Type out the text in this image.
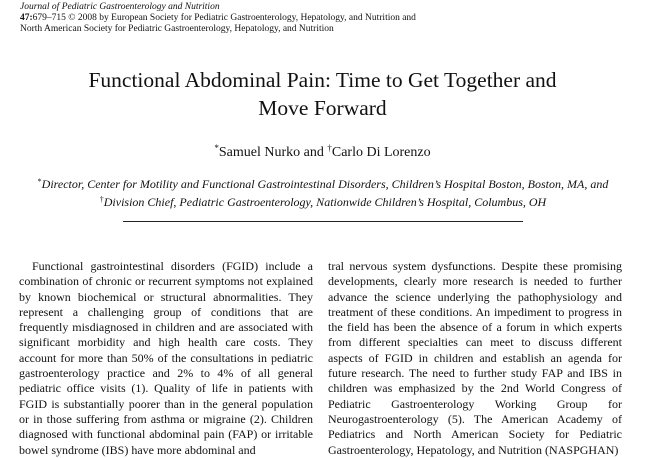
Journal of Pediatric Gastroenterology and Nutrition
47:679–715 © 2008 by European Society for Pediatric Gastroenterology, Hepatology, and Nutrition and
North American Society for Pediatric Gastroenterology, Hepatology, and Nutrition
Functional Abdominal Pain: Time to Get Together and
Move Forward
*Samuel Nurko and †Carlo Di Lorenzo
*Director, Center for Motility and Functional Gastrointestinal Disorders, Children’s Hospital Boston, Boston, MA, and †Division Chief, Pediatric Gastroenterology, Nationwide Children’s Hospital, Columbus, OH

Functional gastrointestinal disorders (FGID) include a combination of chronic or recurrent symptoms not explained by known biochemical or structural abnormalities. They represent a challenging group of conditions that are frequently misdiagnosed in children and are associated with significant morbidity and high health care costs. They account for more than 50% of the consultations in pediatric gastroenterology practice and 2% to 4% of all general pediatric office visits (1). Quality of life in patients with FGID is substantially poorer than in the general population or in those suffering from asthma or migraine (2). Children diagnosed with functional abdominal pain (FAP) or irritable bowel syndrome (IBS) have more abdominal and

tral nervous system dysfunctions. Despite these promising developments, clearly more research is needed to further advance the science underlying the pathophysiology and treatment of these conditions. An impediment to progress in the field has been the absence of a forum in which experts from different specialties can meet to discuss different aspects of FGID in children and establish an agenda for future research. The need to further study FAP and IBS in children was emphasized by the 2nd World Congress of Pediatric Gastroenterology Working Group for Neurogastroenterology (5). The American Academy of Pediatrics and North American Society for Pediatric Gastroenterology, Hepatology, and Nutrition (NASPGHAN)
